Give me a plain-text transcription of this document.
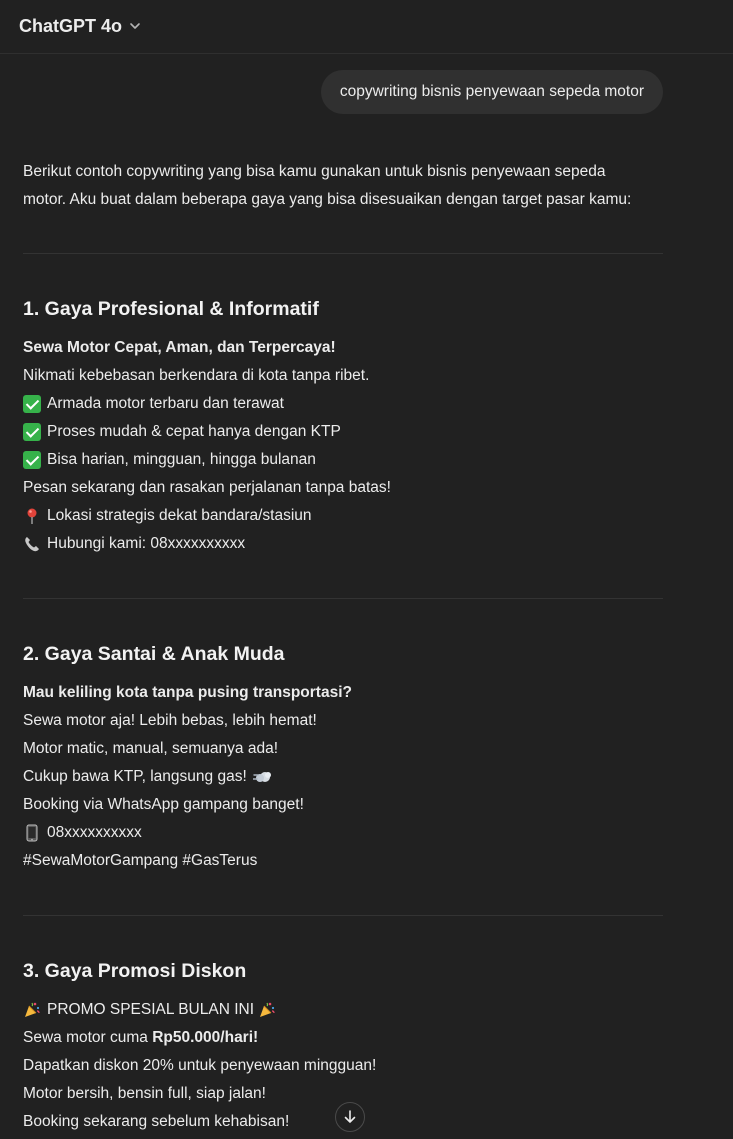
ChatGPT 4o
copywriting bisnis penyewaan sepeda motor

Berikut contoh copywriting yang bisa kamu gunakan untuk bisnis penyewaan sepeda

motor. Aku buat dalam beberapa gaya yang bisa disesuaikan dengan target pasar kamu:

1. Gaya Profesional & Informatif
Sewa Motor Cepat, Aman, dan Terpercaya!
Nikmati kebebasan berkendara di kota tanpa ribet.
Armada motor terbaru dan terawat
Proses mudah & cepat hanya dengan KTP
Bisa harian, mingguan, hingga bulanan
Pesan sekarang dan rasakan perjalanan tanpa batas!
Lokasi strategis dekat bandara/stasiun
Hubungi kami: 08xxxxxxxxxx
2. Gaya Santai & Anak Muda
Mau keliling kota tanpa pusing transportasi?
Sewa motor aja! Lebih bebas, lebih hemat!
Motor matic, manual, semuanya ada!
Cukup bawa KTP, langsung gas!
Booking via WhatsApp gampang banget!
08xxxxxxxxxx
#SewaMotorGampang #GasTerus
3. Gaya Promosi Diskon
PROMO SPESIAL BULAN INI
Sewa motor cuma Rp50.000/hari!
Dapatkan diskon 20% untuk penyewaan mingguan!
Motor bersih, bensin full, siap jalan!
Booking sekarang sebelum kehabisan!
